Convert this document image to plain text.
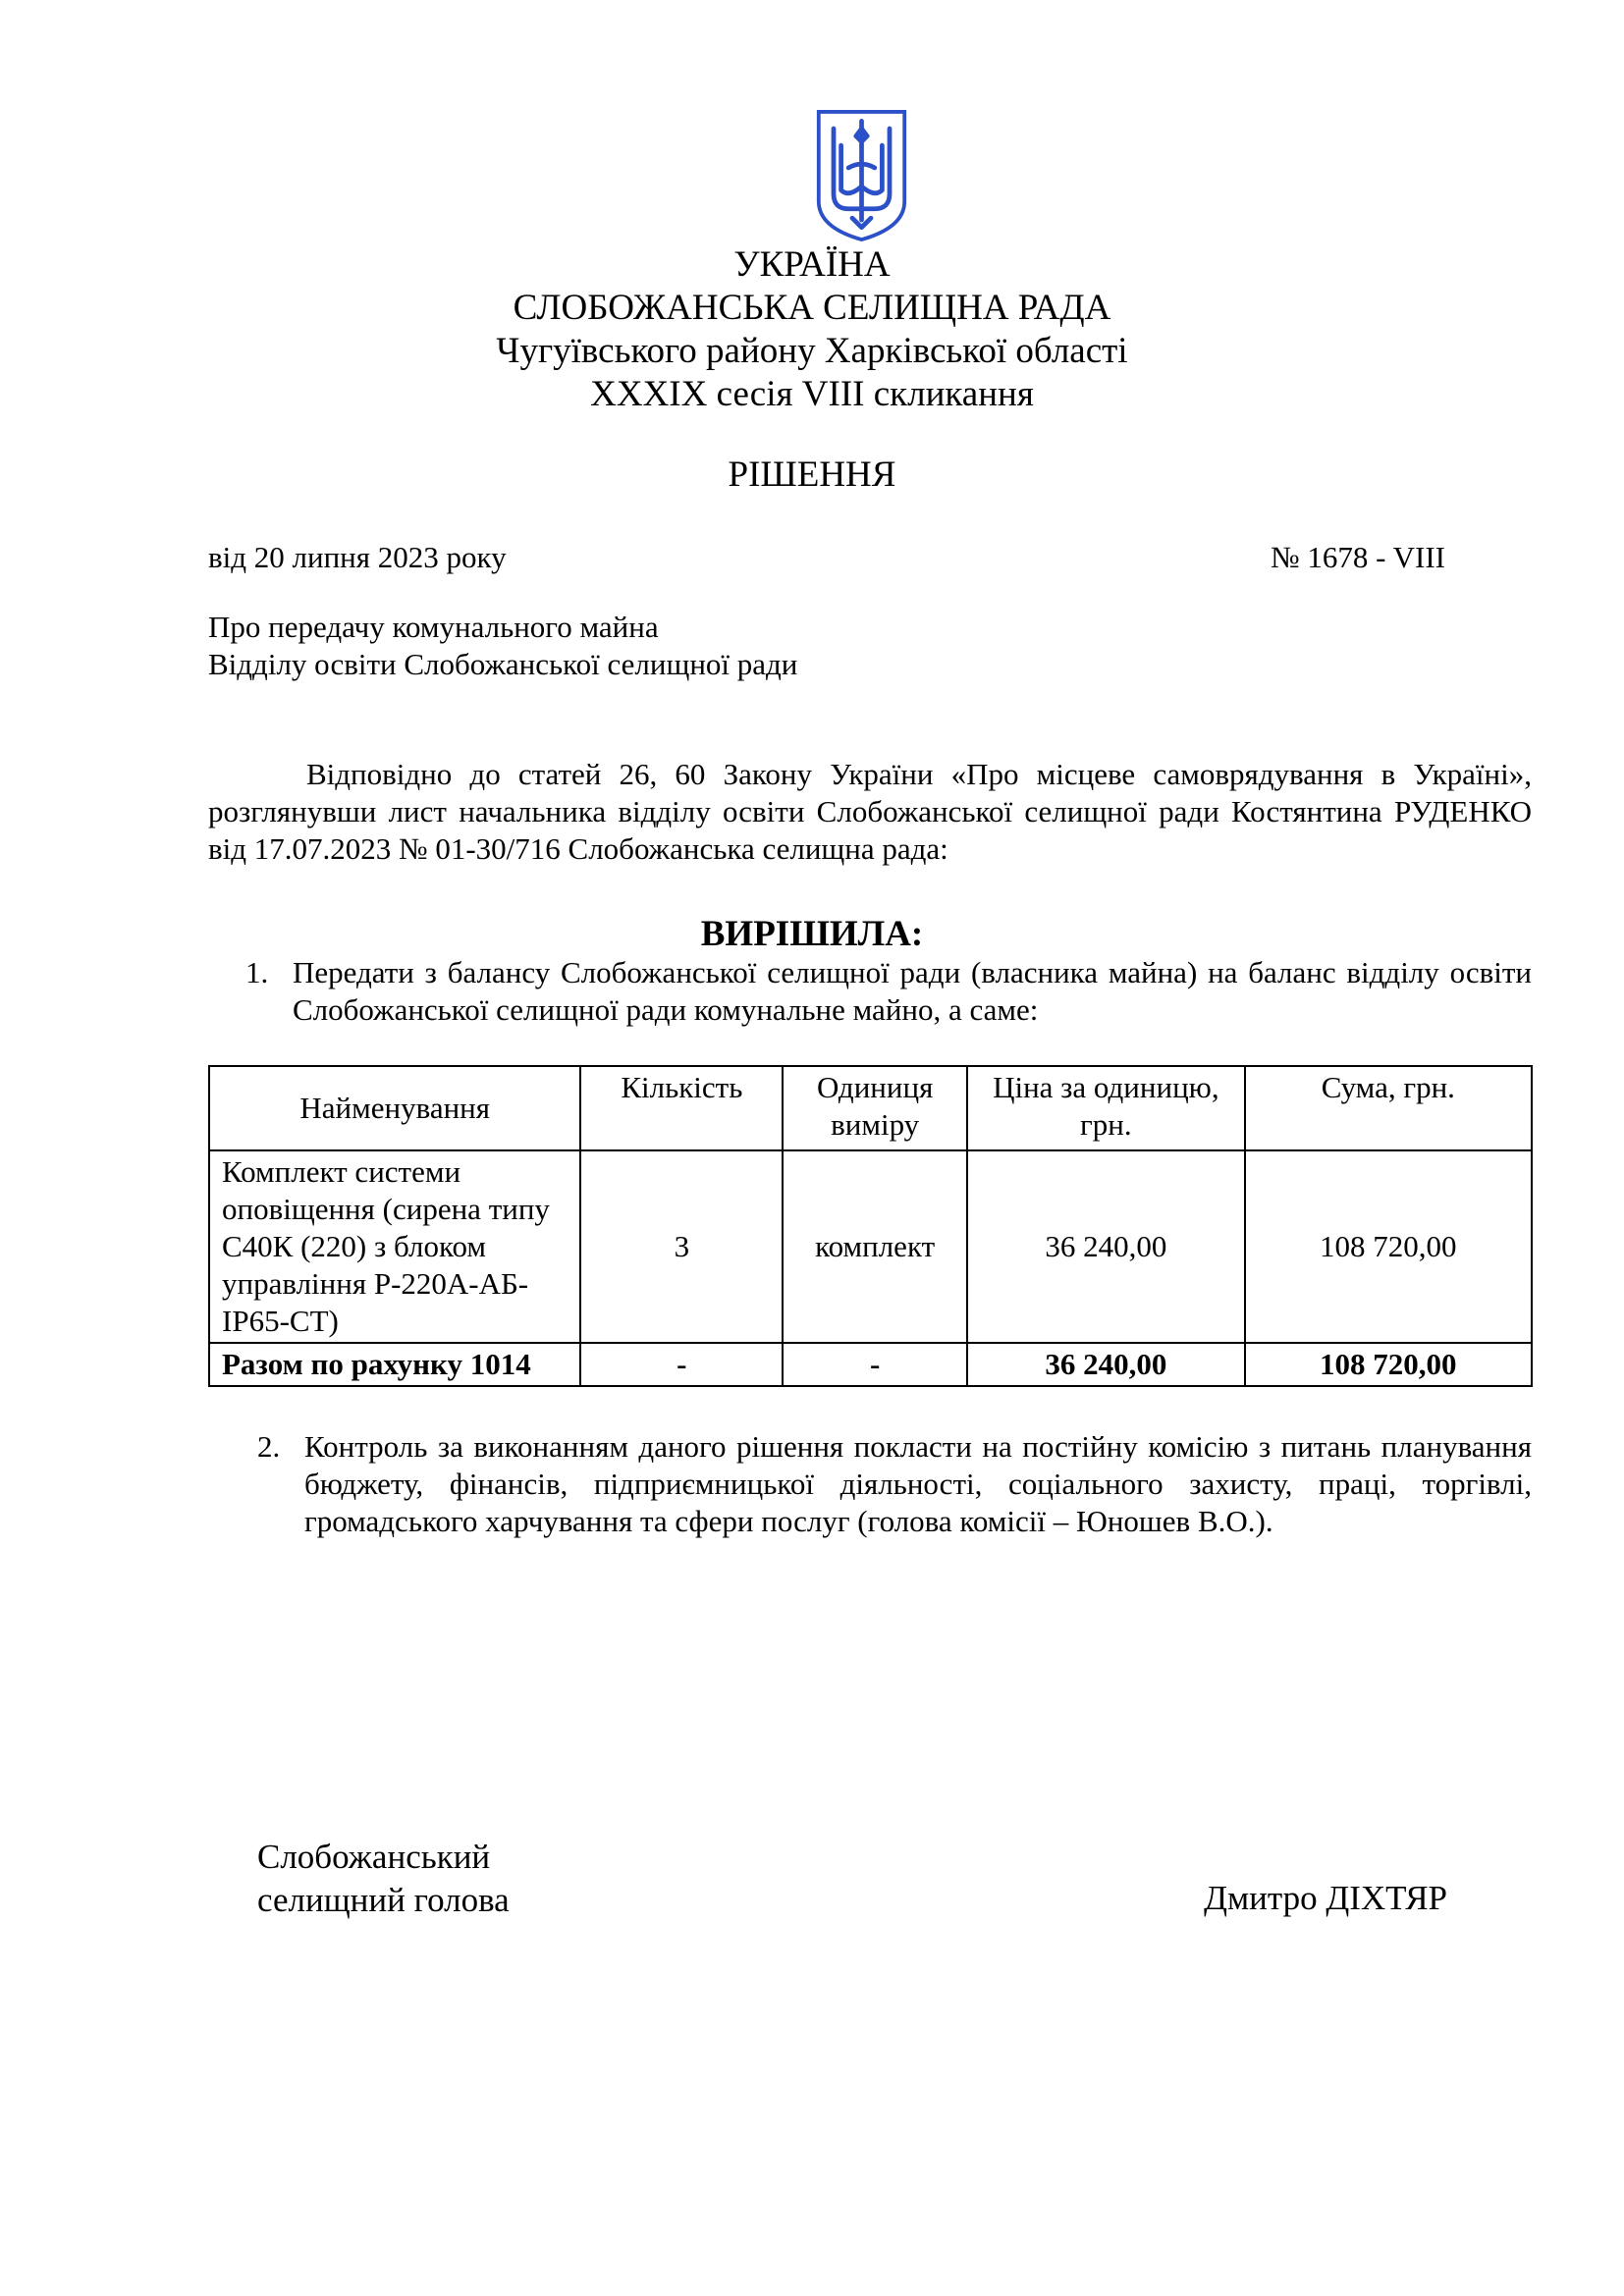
УКРАЇНА
СЛОБОЖАНСЬКА СЕЛИЩНА РАДА
Чугуївського району Харківської області
XXXIX сесія VIII скликання
РІШЕННЯ
від 20 липня 2023 року	№ 1678 - VIII
Про передачу комунального майна
Відділу освіти Слобожанської селищної ради

Відповідно до статей 26, 60 Закону України «Про місцеве самоврядування в Україні», розглянувши лист начальника відділу освіти Слобожанської селищної ради Костянтина РУДЕНКО від 17.07.2023 № 01-30/716 Слобожанська селищна рада:

ВИРІШИЛА:
1. Передати з балансу Слобожанської селищної ради (власника майна) на баланс відділу освіти Слобожанської селищної ради комунальне майно, а саме:

Найменування	Кількість	Одиниця виміру	Ціна за одиницю, грн.	Сума, грн.
Комплект системи оповіщення (сирена типу С40К (220) з блоком управління Р-220А-АБ-ІР65-СТ)	3	комплект	36 240,00	108 720,00
Разом по рахунку 1014	-	-	36 240,00	108 720,00
2. Контроль за виконанням даного рішення покласти на постійну комісію з питань планування бюджету, фінансів, підприємницької діяльності, соціального захисту, праці, торгівлі, громадського харчування та сфери послуг (голова комісії – Юношев В.О.).

Слобожанський
селищний голова	Дмитро ДІХТЯР
